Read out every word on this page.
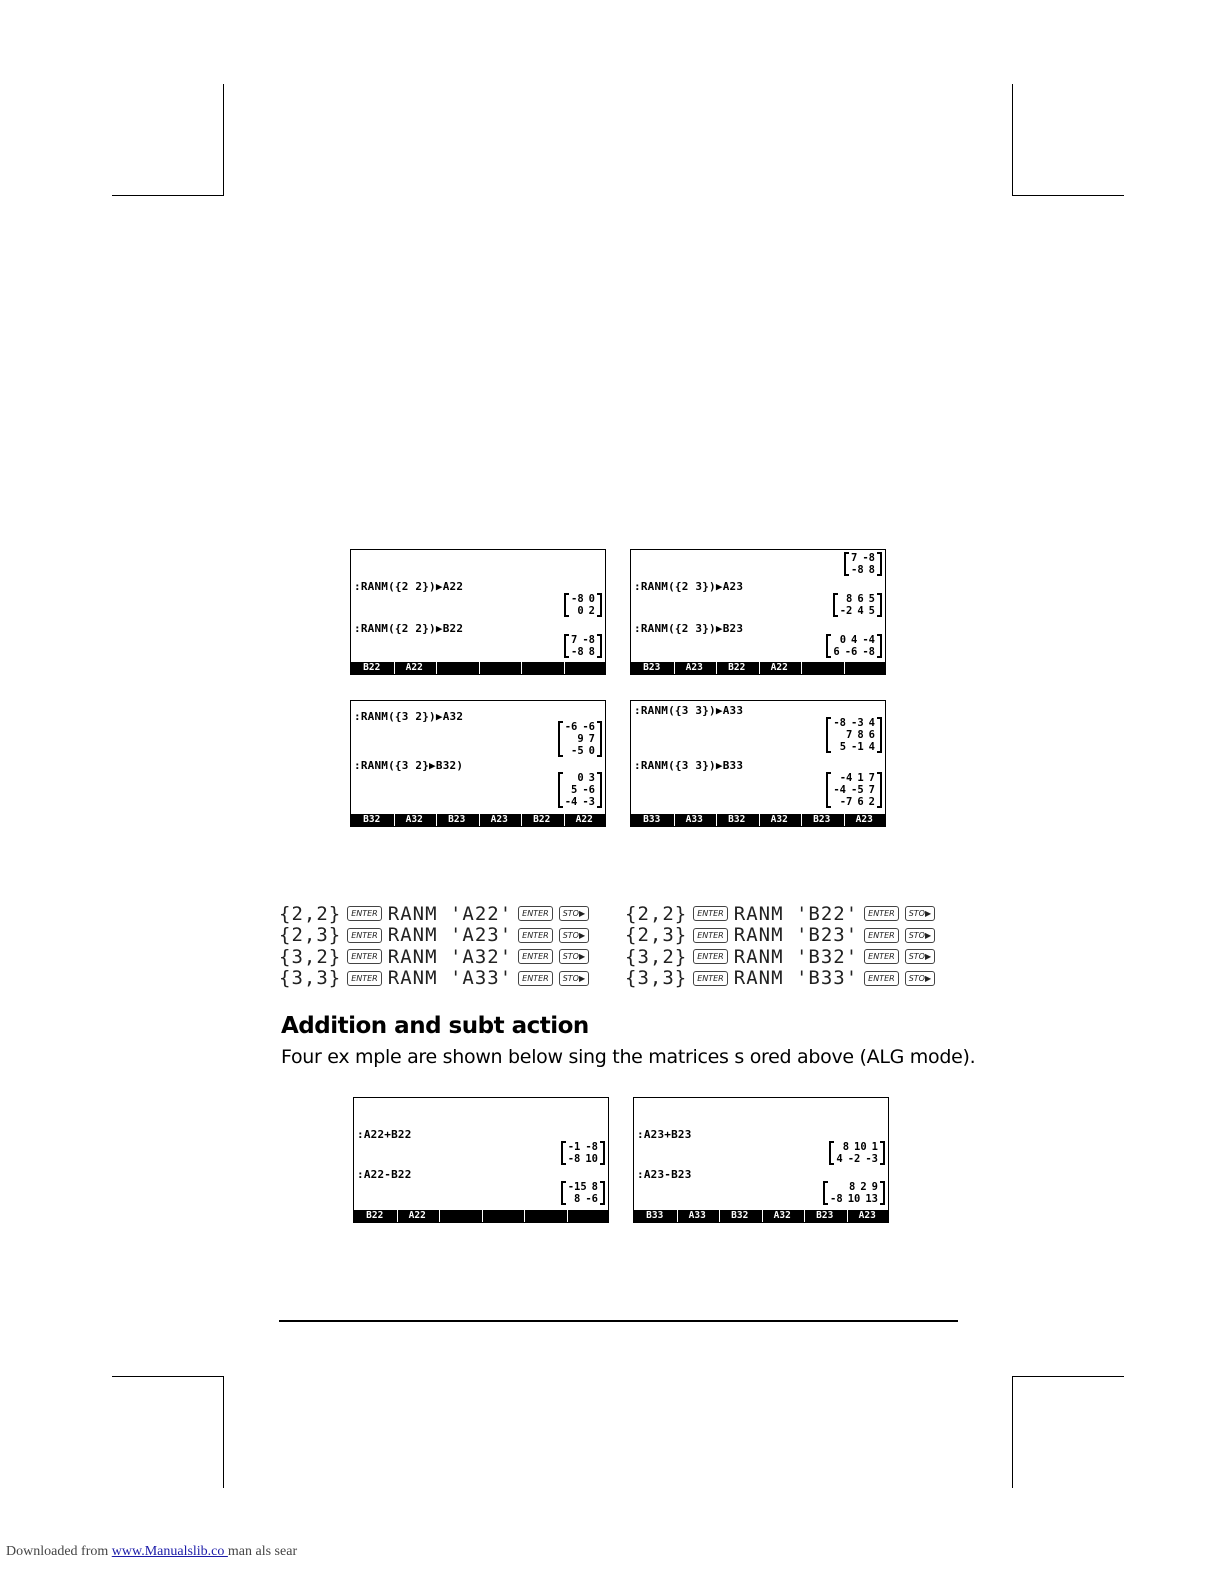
:RANM({2 2})▶A22
-8 0
0 2
:RANM({2 2})▶B22
7 -8
-8 8
B22	A22
7 -8
-8 8
:RANM({2 3})▶A23
8 6 5
-2 4 5
:RANM({2 3})▶B23
0 4 -4
6 -6 -8
B23	A23	B22	A22
:RANM({3 2})▶A32
-6 -6
9 7
-5 0
:RANM({3 2}▶B32)
0 3
5 -6
-4 -3
B32	A32	B23	A23	B22	A22
:RANM({3 3})▶A33
-8 -3 4
7 8 6
5 -1 4
:RANM({3 3})▶B33
-4 1 7
-4 -5 7
-7 6 2
B33	A33	B32	A32	B23	A23
{2,2}	ENTER RANM 'A22'	ENTER	STO▶
{2,3}	ENTER RANM 'A23'	ENTER	STO▶
{3,2}	ENTER RANM 'A32'	ENTER	STO▶
{3,3}	ENTER RANM 'A33'	ENTER	STO▶
{2,2}	ENTER RANM 'B22'	ENTER	STO▶
{2,3}	ENTER RANM 'B23'	ENTER	STO▶
{3,2}	ENTER RANM 'B32'	ENTER	STO▶
{3,3}	ENTER RANM 'B33'	ENTER	STO▶
Addition and subt action
Four ex mple are shown below sing the matrices s ored above (ALG mode).
:A22+B22
-1 -8
-8 10
:A22-B22
-15 8
8 -6
B22	A22
:A23+B23
8 10 1
4 -2 -3
:A23-B23
8 2 9
-8 10 13
B33	A33	B32	A32	B23	A23
Downloaded from www.Manualslib.co man als sear
